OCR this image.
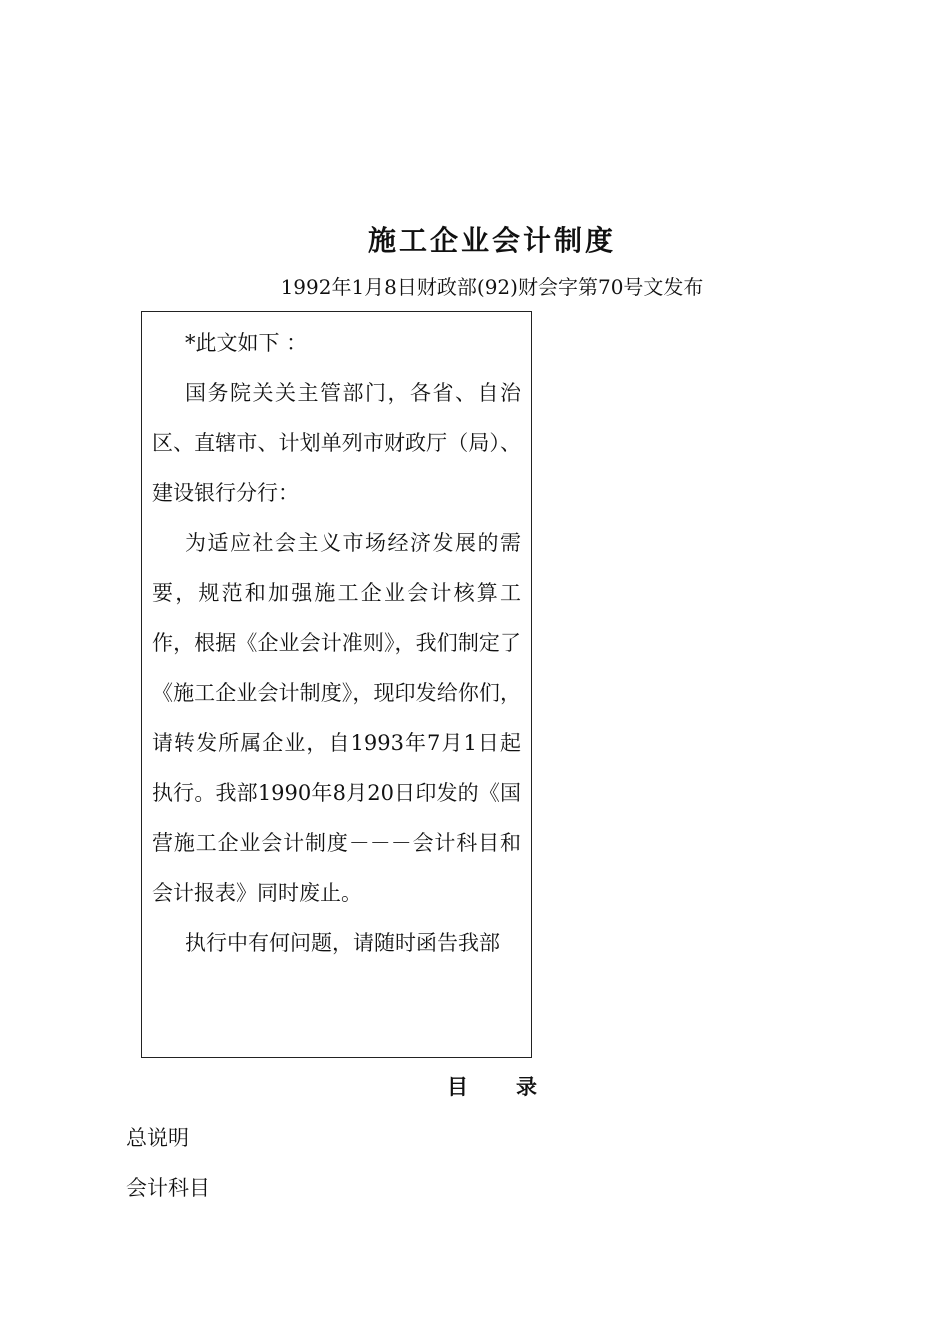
施工企业会计制度

1992年1月8日财政部(92)财会字第70号文发布

*此文如下 ：

国务院关关主管部门，各省、自治区、直辖市、计划单列市财政厅（局）、建设银行分行：

为适应社会主义市场经济发展的需要，规范和加强施工企业会计核算工作，根据《企业会计准则》，我们制定了《施工企业会计制度》，现印发给你们，请转发所属企业，自1993年7月1日起执行。我部1990年8月20日印发的《国营施工企业会计制度－－－会计科目和会计报表》同时废止。

执行中有何问题，请随时函告我部

目 录
总说明
会计科目
